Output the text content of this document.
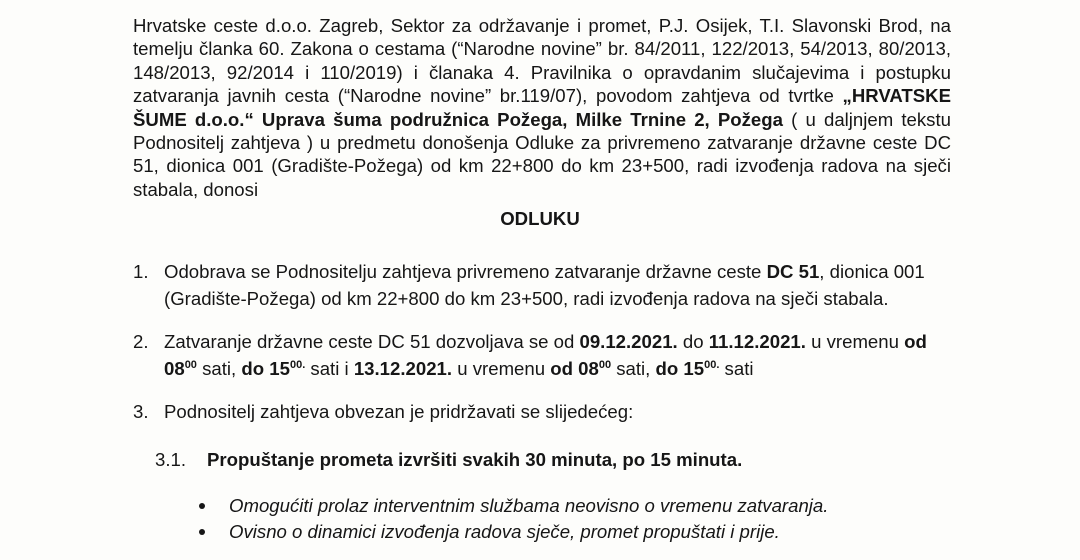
Hrvatske ceste d.o.o. Zagreb, Sektor za održavanje i promet, P.J. Osijek, T.I. Slavonski Brod, na temelju članka 60. Zakona o cestama (“Narodne novine” br. 84/2011, 122/2013, 54/2013, 80/2013, 148/2013, 92/2014 i 110/2019) i članaka 4. Pravilnika o opravdanim slučajevima i postupku zatvaranja javnih cesta (“Narodne novine” br.119/07), povodom zahtjeva od tvrtke „HRVATSKE ŠUME d.o.o.“ Uprava šuma podružnica Požega, Milke Trnine 2, Požega ( u daljnjem tekstu Podnositelj zahtjeva ) u predmetu donošenja Odluke za privremeno zatvaranje državne ceste DC 51, dionica 001 (Gradište-Požega) od km 22+800 do km 23+500, radi izvođenja radova na sječi stabala, donosi
ODLUKU
1. Odobrava se Podnositelju zahtjeva privremeno zatvaranje državne ceste DC 51, dionica 001 (Gradište-Požega) od km 22+800 do km 23+500, radi izvođenja radova na sječi stabala.
2. Zatvaranje državne ceste DC 51 dozvoljava se od 09.12.2021. do 11.12.2021. u vremenu od
$08^{00}$ sati, do $15^{00.}$ sati i 13.12.2021. u vremenu od $08^{00}$ sati, do $15^{00.}$ sati
3. Podnositelj zahtjeva obvezan je pridržavati se slijedećeg:
3.1. Propuštanje prometa izvršiti svakih 30 minuta, po 15 minuta.
Omogućiti prolaz interventnim službama neovisno o vremenu zatvaranja.
Ovisno o dinamici izvođenja radova sječe, promet propuštati i prije.
